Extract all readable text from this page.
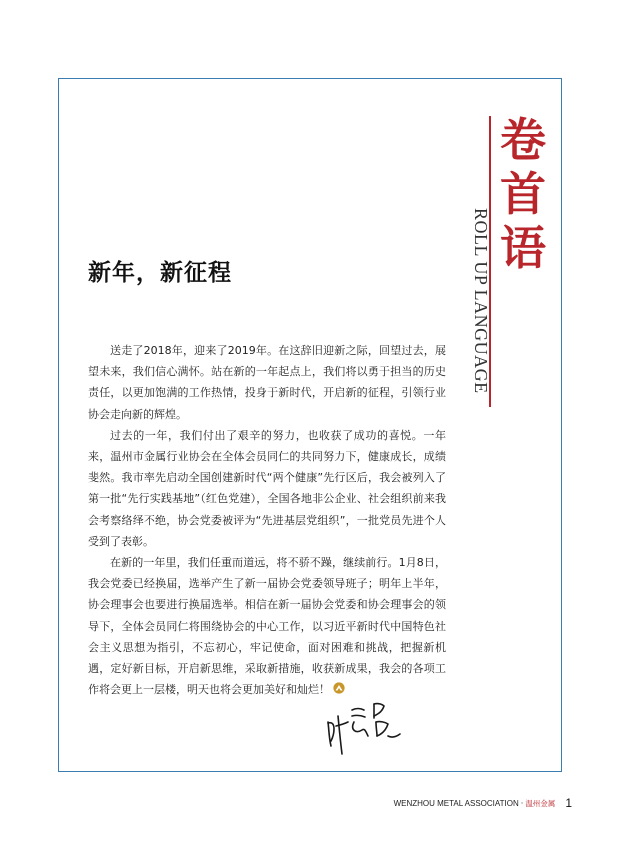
卷
首
语
ROLL UP LANGUAGE
新年，新征程

送走了2018年，迎来了2019年。在这辞旧迎新之际，回望过去，展望未来，我们信心满怀。站在新的一年起点上，我们将以勇于担当的历史责任，以更加饱满的工作热情，投身于新时代，开启新的征程，引领行业协会走向新的辉煌。

过去的一年，我们付出了艰辛的努力，也收获了成功的喜悦。一年来，温州市金属行业协会在全体会员同仁的共同努力下，健康成长，成绩斐然。我市率先启动全国创建新时代“两个健康”先行区后，我会被列入了第一批“先行实践基地”（红色党建），全国各地非公企业、社会组织前来我会考察络绎不绝，协会党委被评为“先进基层党组织”，一批党员先进个人受到了表彰。

在新的一年里，我们任重而道远，将不骄不躁，继续前行。1月8日，我会党委已经换届，选举产生了新一届协会党委领导班子；明年上半年，协会理事会也要进行换届选举。相信在新一届协会党委和协会理事会的领导下，全体会员同仁将围绕协会的中心工作，以习近平新时代中国特色社会主义思想为指引，不忘初心，牢记使命，面对困难和挑战，把握新机遇，定好新目标，开启新思维，采取新措施，收获新成果，我会的各项工作将会更上一层楼，明天也将会更加美好和灿烂！

WENZHOU METAL ASSOCIATION · 温州金属 1
